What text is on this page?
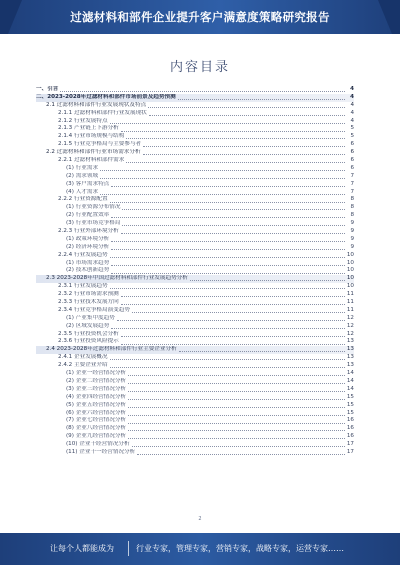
过滤材料和部件企业提升客户满意度策略研究报告
内容目录
一、引言	4
二、2023-2028年过滤材料和部件市场前景及趋势预测	4
2.1 过滤材料和部件行业发展现状及特点	4
2.1.1 过滤材料和部件行业发展现状	4
2.1.2 行业发展特点	4
2.1.3 产业链上下游分析	5
2.1.4 行业市场规模与结构	5
2.1.5 行业竞争格局与主要参与者	6
2.2 过滤材料和部件行业市场需求分析	6
2.2.1 过滤材料和部件需求	6
(1) 行业需求	6
(2) 需求领域	7
(3) 客户需求特点	7
(4) 人才需求	7
2.2.2 行业资源配置	8
(1) 行业资源分布情况	8
(2) 行业配置效率	8
(3) 行业市场竞争格局	9
2.2.3 行业外部环境分析	9
(1) 政策环境分析	9
(2) 经济环境分析	9
2.2.4 行业发展趋势	10
(1) 市场需求趋势	10
(2) 技术创新趋势	10
2.3 2023-2028年中国过滤材料和部件行业发展趋势分析	10
2.3.1 行业发展趋势	10
2.3.2 行业市场需求预测	11
2.3.3 行业技术发展方向	11
2.3.4 行业竞争格局演变趋势	11
(1) 产业集中度趋势	12
(2) 区域发展趋势	12
2.3.5 行业投资机会分析	12
2.3.6 行业投资风险提示	13
2.4 2023-2028年过滤材料和部件行业主要企业分析	13
2.4.1 企业发展概况	13
2.4.2 主要企业介绍	13
(1) 企业一经营情况分析	14
(2) 企业二经营情况分析	14
(3) 企业三经营情况分析	14
(4) 企业四经营情况分析	15
(5) 企业五经营情况分析	15
(6) 企业六经营情况分析	15
(7) 企业七经营情况分析	16
(8) 企业八经营情况分析	16
(9) 企业九经营情况分析	16
(10) 企业十经营情况分析	17
(11) 企业十一经营情况分析	17
2
让每个人都能成为	行业专家，管理专家，营销专家，战略专家，运营专家……
